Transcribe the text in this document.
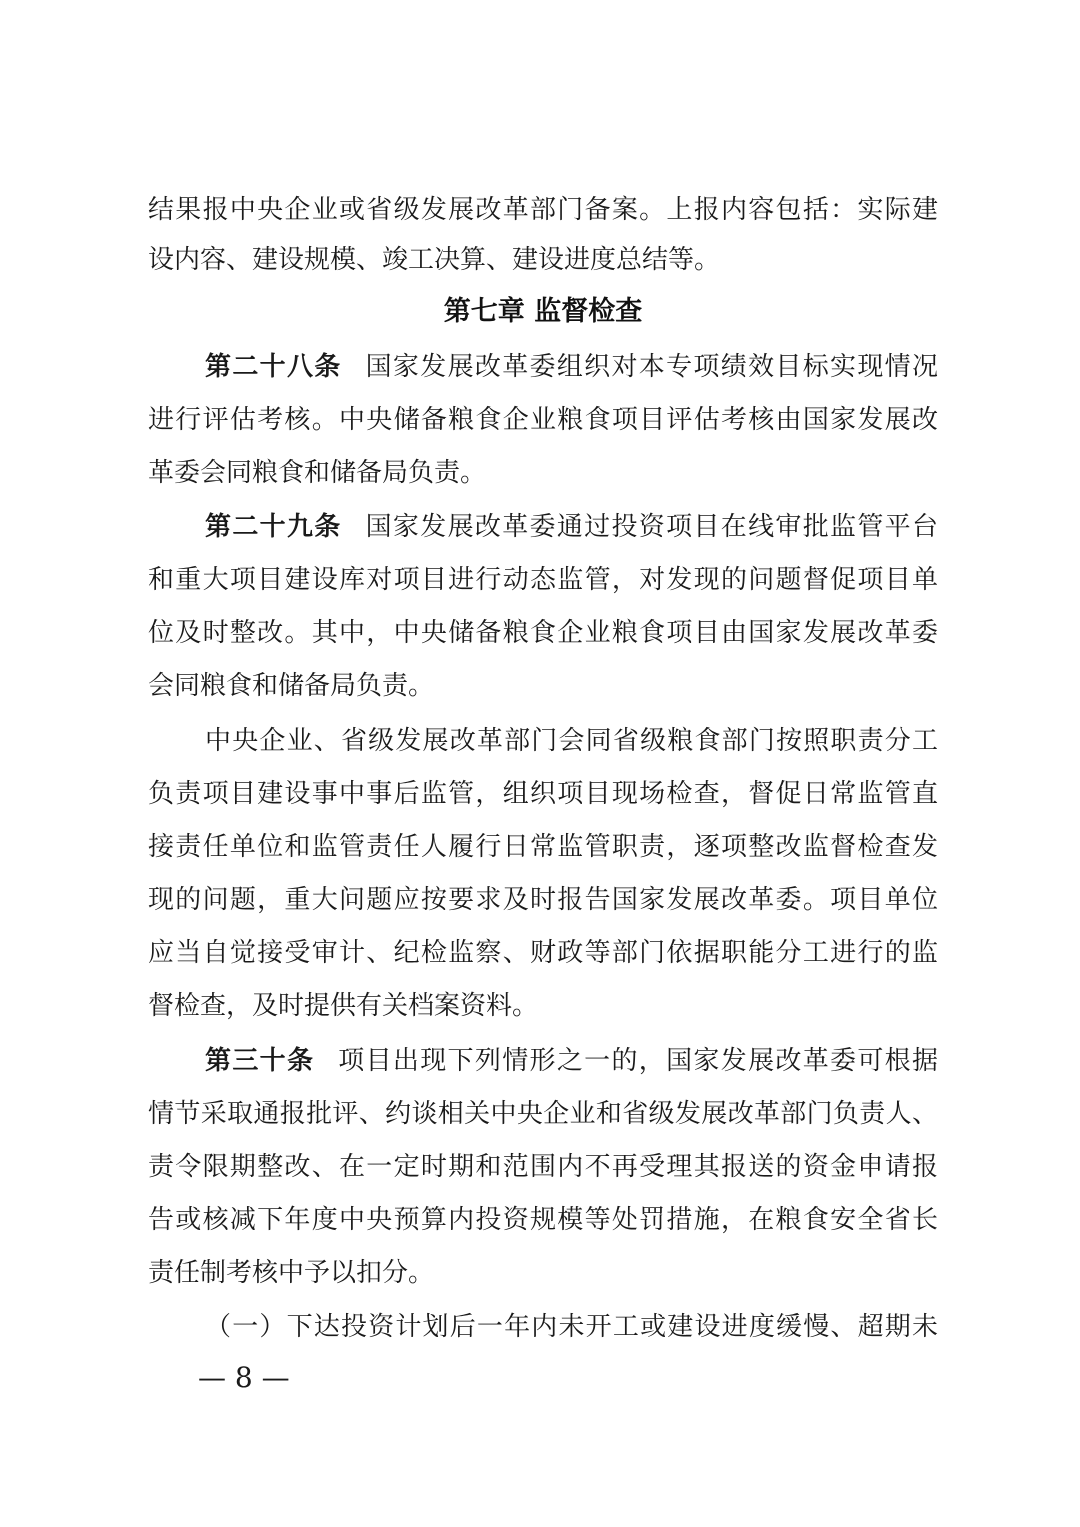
结果报中央企业或省级发展改革部门备案。上报内容包括：实际建
设内容、建设规模、竣工决算、建设进度总结等。
第七章 监督检查
第二十八条 国家发展改革委组织对本专项绩效目标实现情况
进行评估考核。中央储备粮食企业粮食项目评估考核由国家发展改
革委会同粮食和储备局负责。
第二十九条 国家发展改革委通过投资项目在线审批监管平台
和重大项目建设库对项目进行动态监管，对发现的问题督促项目单
位及时整改。其中，中央储备粮食企业粮食项目由国家发展改革委
会同粮食和储备局负责。
中央企业、省级发展改革部门会同省级粮食部门按照职责分工
负责项目建设事中事后监管，组织项目现场检查，督促日常监管直
接责任单位和监管责任人履行日常监管职责，逐项整改监督检查发
现的问题，重大问题应按要求及时报告国家发展改革委。项目单位
应当自觉接受审计、纪检监察、财政等部门依据职能分工进行的监
督检查，及时提供有关档案资料。
第三十条 项目出现下列情形之一的，国家发展改革委可根据
情节采取通报批评、约谈相关中央企业和省级发展改革部门负责人、
责令限期整改、在一定时期和范围内不再受理其报送的资金申请报
告或核减下年度中央预算内投资规模等处罚措施，在粮食安全省长
责任制考核中予以扣分。
（一）下达投资计划后一年内未开工或建设进度缓慢、超期未
— 8 —
